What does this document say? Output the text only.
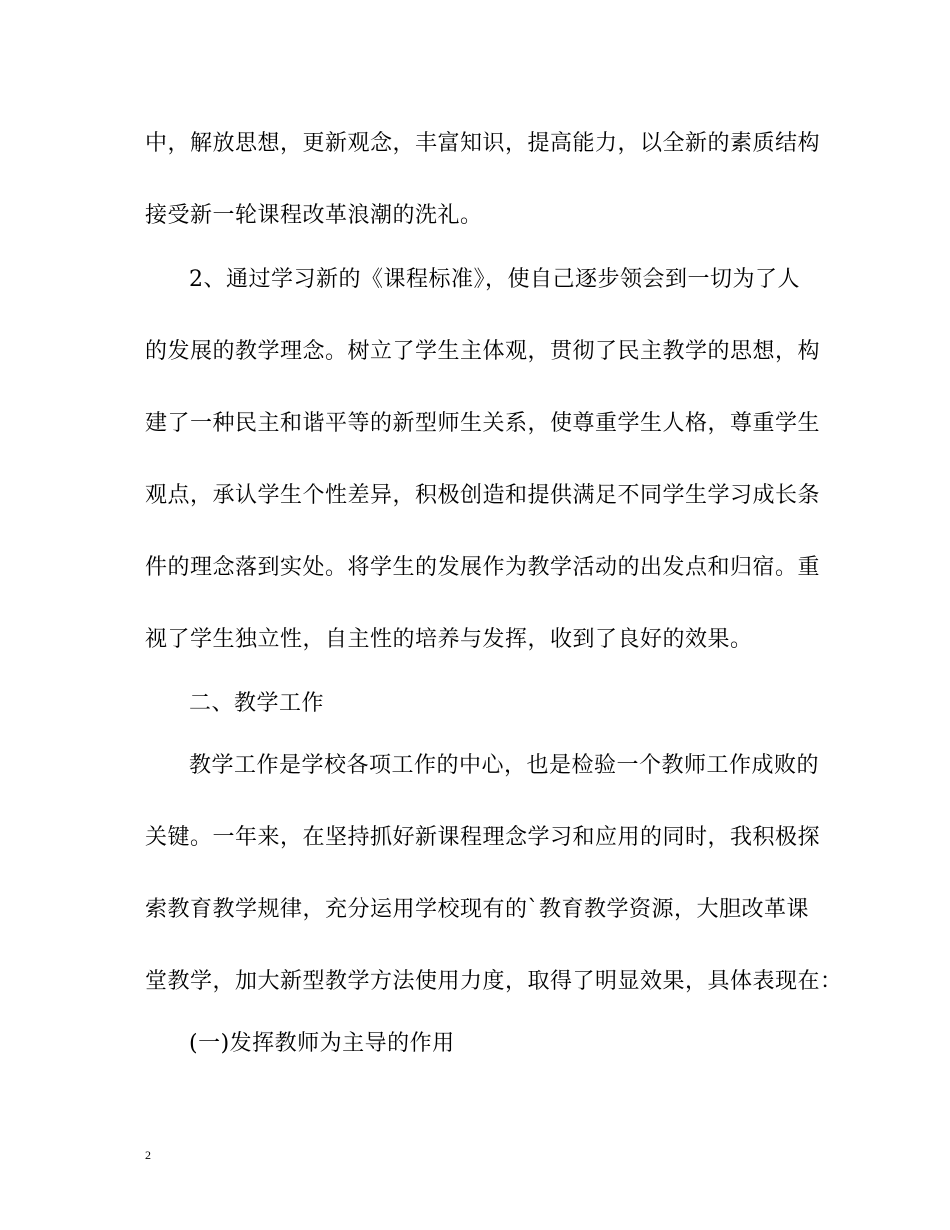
中，解放思想，更新观念，丰富知识，提高能力，以全新的素质结构
接受新一轮课程改革浪潮的洗礼。
2、通过学习新的《课程标准》，使自己逐步领会到一切为了人
的发展的教学理念。树立了学生主体观，贯彻了民主教学的思想，构
建了一种民主和谐平等的新型师生关系，使尊重学生人格，尊重学生
观点，承认学生个性差异，积极创造和提供满足不同学生学习成长条
件的理念落到实处。将学生的发展作为教学活动的出发点和归宿。重
视了学生独立性，自主性的培养与发挥，收到了良好的效果。
二、教学工作
教学工作是学校各项工作的中心，也是检验一个教师工作成败的
关键。一年来，在坚持抓好新课程理念学习和应用的同时，我积极探
索教育教学规律，充分运用学校现有的`教育教学资源，大胆改革课
堂教学，加大新型教学方法使用力度，取得了明显效果，具体表现在：
(一)发挥教师为主导的作用
2
